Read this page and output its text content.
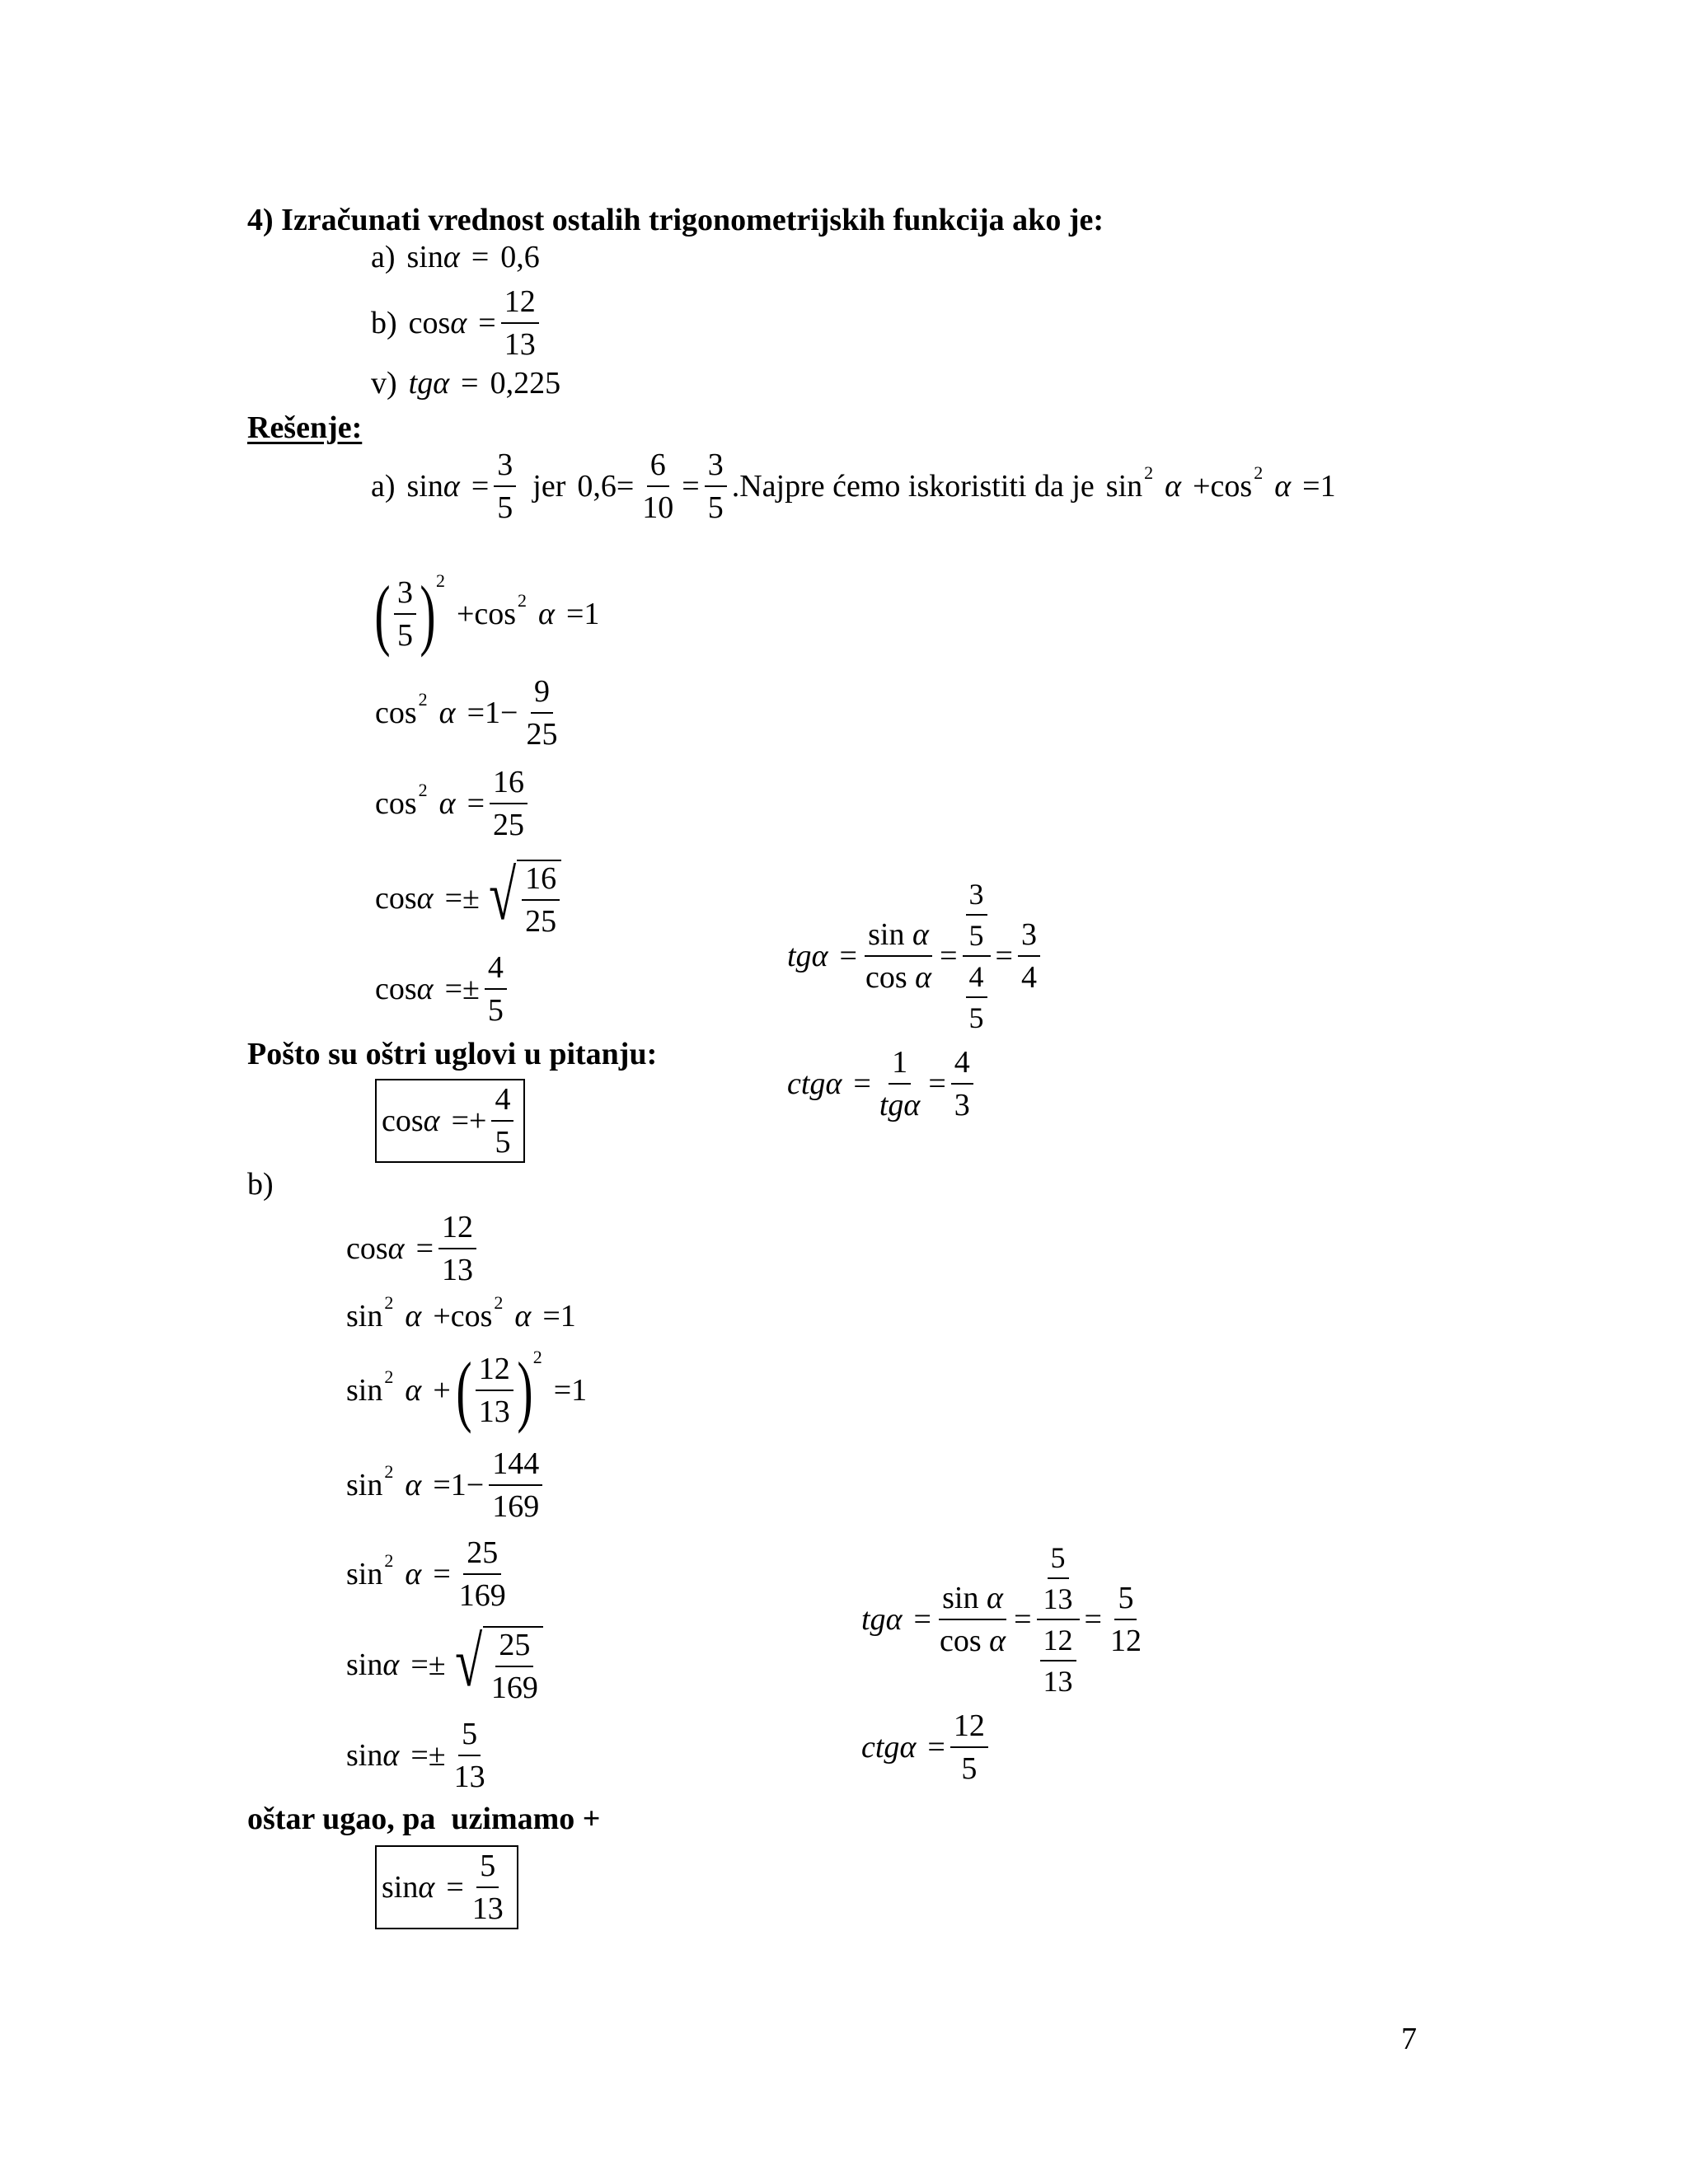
4) Izračunati vrednost ostalih trigonometrijskih funkcija ako je:
a) sin α = 0,6
b) $\cos \alpha = \frac{12}{13}$
v) tg α = 0,225
Rešenje:
a) $\sin \alpha = \frac{3}{5}$ jer $0,6 = \frac{6}{10} = \frac{3}{5}$ .Najpre ćemo iskoristiti da je sin 2 α + cos 2 α = 1
( 3
5 ) 2
+ cos 2 α = 1
cos 2 $\alpha = 1 - \frac{9}{25}$
cos 2 $\alpha = \frac{16}{25}$
cos α = ± √ 16
25
cos α = ± $\frac{4}{5}$
Pošto su oštri uglovi u pitanju:
cos α = + $\frac{4}{5}$
tg $\alpha = \frac{\text{sin α}}{\text{cos α}} = \frac{\frac{3}{5}}{\frac{4}{5}} = \frac{3}{4}$
ctg α =
1
tgα
= $\frac{4}{3}$
b)
$\cos \alpha = \frac{12}{13}$
sin 2 α + cos 2 α = 1
sin 2 α + ( 12
13 ) 2
= 1
sin 2 $\alpha = 1 - \frac{144}{169}$
sin 2 $\alpha = \frac{25}{169}$
sin α = ± √ 25
169
sin α = ± $\frac{5}{13}$
oštar ugao, pa  uzimamo +
$\sin \alpha = \frac{5}{13}$
tg $\alpha = \frac{\text{sin α}}{\text{cos α}} = \frac{\frac{5}{13}}{\frac{12}{13}} = \frac{5}{12}$
ctg $\alpha = \frac{12}{5}$
7
